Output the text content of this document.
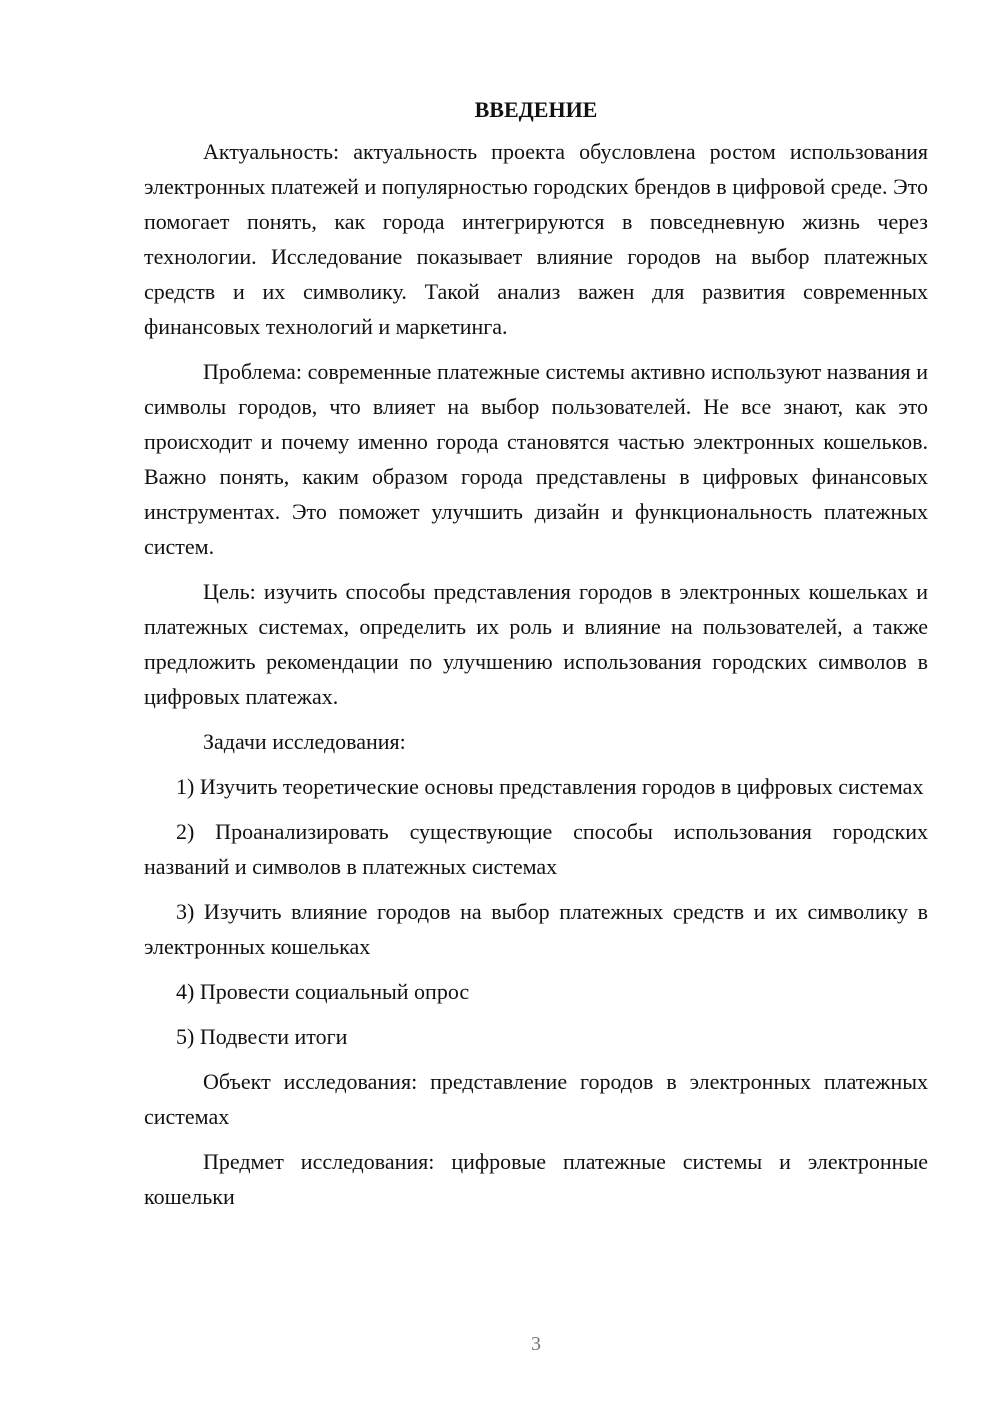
ВВЕДЕНИЕ

Актуальность: актуальность проекта обусловлена ростом использования электронных платежей и популярностью городских брендов в цифровой среде. Это помогает понять, как города интегрируются в повседневную жизнь через технологии. Исследование показывает влияние городов на выбор платежных средств и их символику. Такой анализ важен для развития современных финансовых технологий и маркетинга.

Проблема: современные платежные системы активно используют названия и символы городов, что влияет на выбор пользователей. Не все знают, как это происходит и почему именно города становятся частью электронных кошельков. Важно понять, каким образом города представлены в цифровых финансовых инструментах. Это поможет улучшить дизайн и функциональность платежных систем.

Цель: изучить способы представления городов в электронных кошельках и платежных системах, определить их роль и влияние на пользователей, а также предложить рекомендации по улучшению использования городских символов в цифровых платежах.

Задачи исследования:

1) Изучить теоретические основы представления городов в цифровых системах

2) Проанализировать существующие способы использования городских названий и символов в платежных системах

3) Изучить влияние городов на выбор платежных средств и их символику в электронных кошельках

4) Провести социальный опрос

5) Подвести итоги

Объект исследования: представление городов в электронных платежных системах

Предмет исследования: цифровые платежные системы и электронные кошельки

3
